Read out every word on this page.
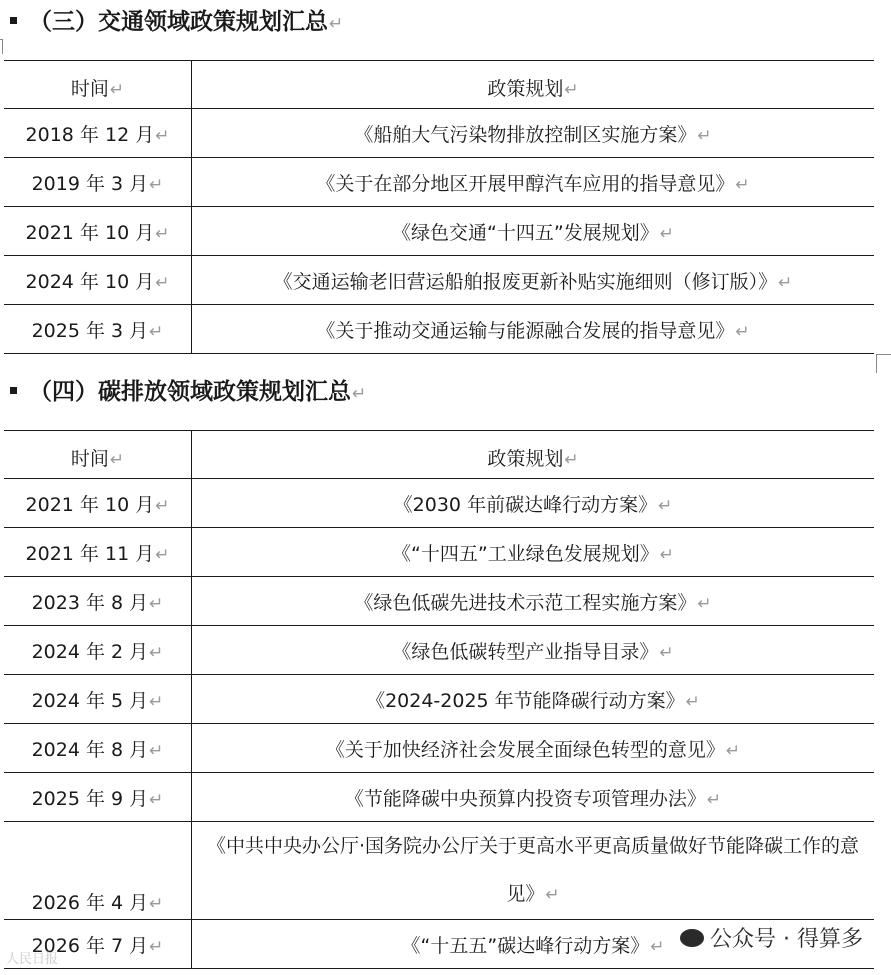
（三）交通领域政策规划汇总↵
时间↵	政策规划↵
2018 年 12 月↵	《船舶大气污染物排放控制区实施方案》↵
2019 年 3 月↵	《关于在部分地区开展甲醇汽车应用的指导意见》↵
2021 年 10 月↵	《绿色交通“十四五”发展规划》↵
2024 年 10 月↵	《交通运输老旧营运船舶报废更新补贴实施细则（修订版）》↵
2025 年 3 月↵	《关于推动交通运输与能源融合发展的指导意见》↵
（四）碳排放领域政策规划汇总↵
时间↵	政策规划↵
2021 年 10 月↵	《2030 年前碳达峰行动方案》↵
2021 年 11 月↵	《“十四五”工业绿色发展规划》↵
2023 年 8 月↵	《绿色低碳先进技术示范工程实施方案》↵
2024 年 2 月↵	《绿色低碳转型产业指导目录》↵
2024 年 5 月↵	《2024-2025 年节能降碳行动方案》↵
2024 年 8 月↵	《关于加快经济社会发展全面绿色转型的意见》↵
2025 年 9 月↵	《节能降碳中央预算内投资专项管理办法》↵
2026 年 4 月↵	《中共中央办公厅·国务院办公厅关于更高水平更高质量做好节能降碳工作的意见》↵
2026 年 7 月↵	《“十五五”碳达峰行动方案》↵	公众号 · 得算多
人民日报
